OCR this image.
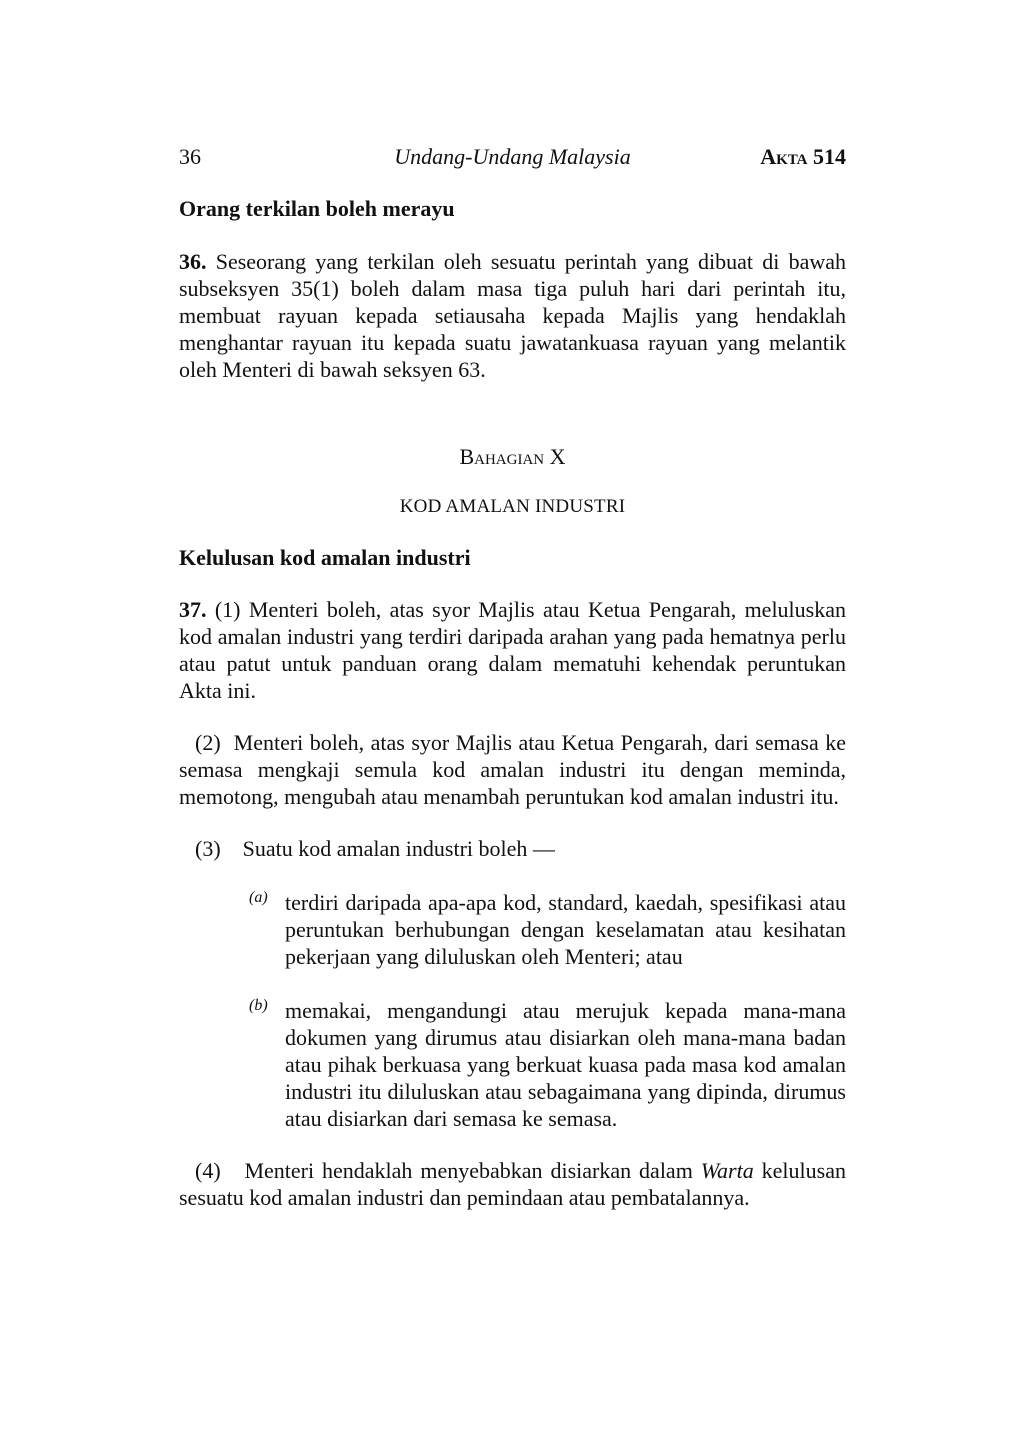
36	Undang-Undang Malaysia	Akta 514
Orang terkilan boleh merayu

36. Seseorang yang terkilan oleh sesuatu perintah yang dibuat di bawah subseksyen 35(1) boleh dalam masa tiga puluh hari dari perintah itu, membuat rayuan kepada setiausaha kepada Majlis yang hendaklah menghantar rayuan itu kepada suatu jawatankuasa rayuan yang melantik oleh Menteri di bawah seksyen 63.

Bahagian X
KOD AMALAN INDUSTRI
Kelulusan kod amalan industri

37. (1) Menteri boleh, atas syor Majlis atau Ketua Pengarah, meluluskan kod amalan industri yang terdiri daripada arahan yang pada hematnya perlu atau patut untuk panduan orang dalam mematuhi kehendak peruntukan Akta ini.

(2)  Menteri boleh, atas syor Majlis atau Ketua Pengarah, dari semasa ke semasa mengkaji semula kod amalan industri itu dengan meminda, memotong, mengubah atau menambah peruntukan kod amalan industri itu.

(3)    Suatu kod amalan industri boleh —

(a) terdiri daripada apa-apa kod, standard, kaedah, spesifikasi atau peruntukan berhubungan dengan keselamatan atau kesihatan pekerjaan yang diluluskan oleh Menteri; atau

(b) memakai, mengandungi atau merujuk kepada mana-mana dokumen yang dirumus atau disiarkan oleh mana-mana badan atau pihak berkuasa yang berkuat kuasa pada masa kod amalan industri itu diluluskan atau sebagaimana yang dipinda, dirumus atau disiarkan dari semasa ke semasa.

(4)   Menteri hendaklah menyebabkan disiarkan dalam Warta kelulusan sesuatu kod amalan industri dan pemindaan atau pembatalannya.
